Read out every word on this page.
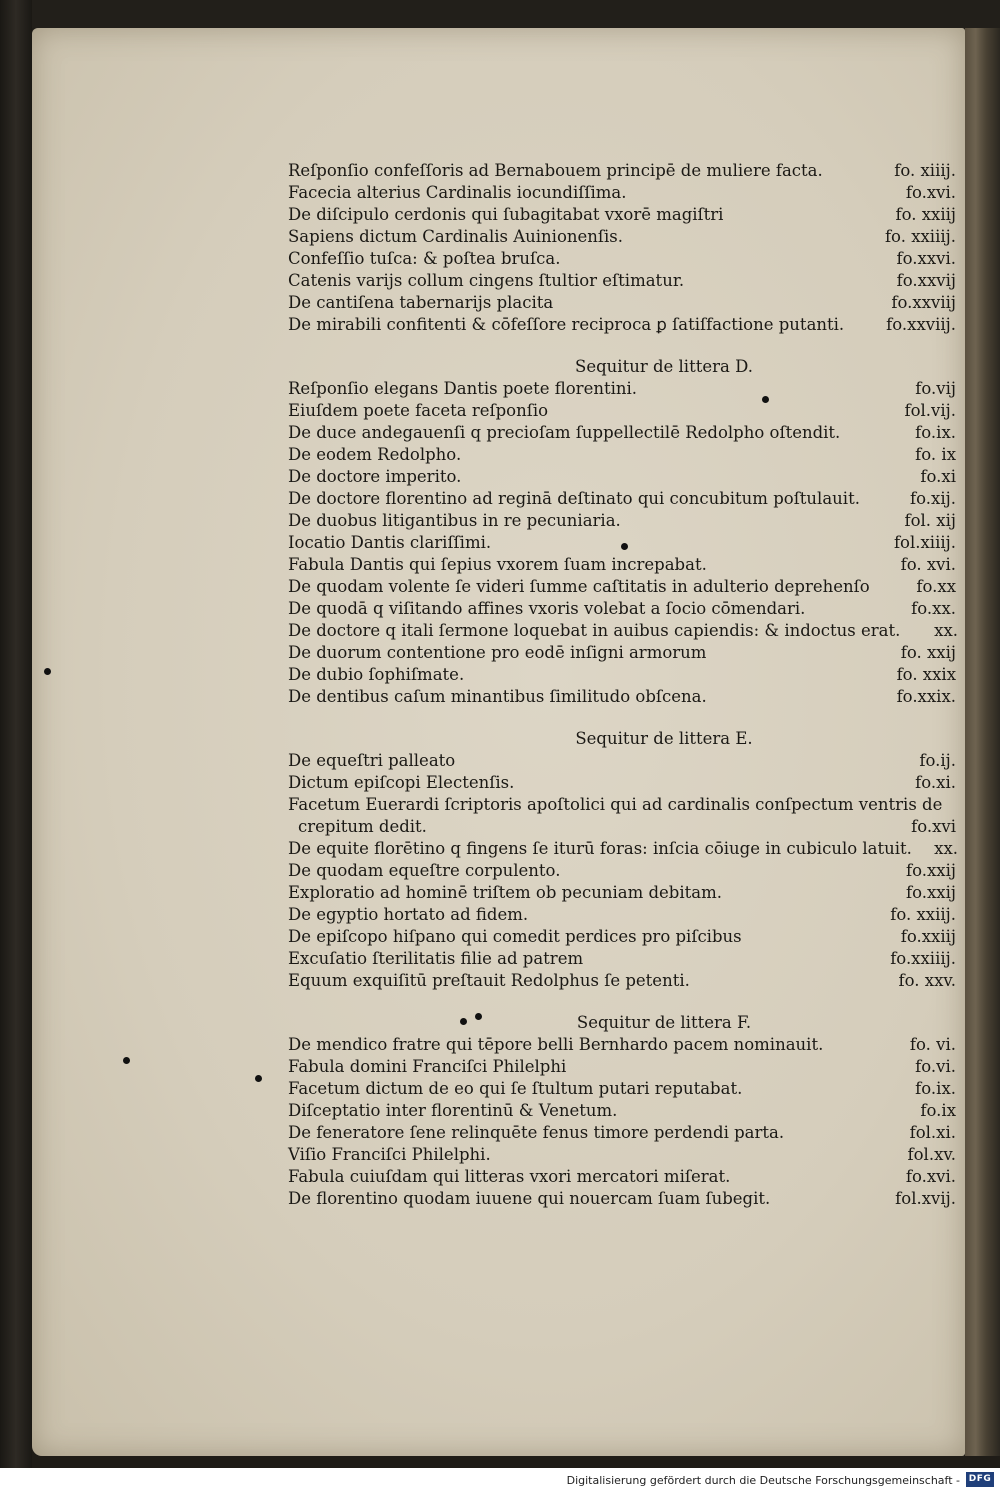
Reſponſio confeſſoris ad Bernabouem principē de muliere facta.	fo. xiiij.
Facecia alterius Cardinalis iocundiſſima.	fo.xvi.
De diſcipulo cerdonis qui ſubagitabat vxorē magiſtri	fo. xxiij
Sapiens dictum Cardinalis Auinionenſis.	fo. xxiiij.
Confeſſio tuſca: & poſtea bruſca.	fo.xxvi.
Catenis varijs collum cingens ſtultior eſtimatur.	fo.xxvij
De cantiſena tabernarijs placita	fo.xxviij
De mirabili confitenti & cōfeſſore reciproca ꝑ ſatiſfactione putanti.	fo.xxviij.
Sequitur de littera D.
Reſponſio elegans Dantis poete florentini.	fo.vij
Eiuſdem poete faceta reſponſio	fol.vij.
De duce andegauenſi q precioſam ſuppellectilē Redolpho oſtendit.	fo.ix.
De eodem Redolpho.	fo. ix
De doctore imperito.	fo.xi
De doctore florentino ad reginā deſtinato qui concubitum poſtulauit.	fo.xij.
De duobus litigantibus in re pecuniaria.	fol. xij
Iocatio Dantis clariſſimi.	fol.xiiij.
Fabula Dantis qui ſepius vxorem ſuam increpabat.	fo. xvi.
De quodam volente ſe videri ſumme caſtitatis in adulterio deprehenſo	fo.xx
De quodā q viſitando affines vxoris volebat a ſocio cōmendari.	fo.xx.
De doctore q itali ſermone loquebat in auibus capiendis: & indoctus erat.	xx.
De duorum contentione pro eodē inſigni armorum	fo. xxij
De dubio ſophiſmate.	fo. xxix
De dentibus caſum minantibus ſimilitudo obſcena.	fo.xxix.
Sequitur de littera E.
De equeſtri palleato	fo.ij.
Dictum epiſcopi Electenſis.	fo.xi.
Facetum Euerardi ſcriptoris apoſtolici qui ad cardinalis conſpectum ventris de
crepitum dedit.	fo.xvi
De equite florētino q fingens ſe iturū foras: inſcia cōiuge in cubiculo latuit.	xx.
De quodam equeſtre corpulento.	fo.xxij
Exploratio ad hominē triſtem ob pecuniam debitam.	fo.xxij
De egyptio hortato ad fidem.	fo. xxiij.
De epiſcopo hiſpano qui comedit perdices pro piſcibus	fo.xxiij
Excuſatio ſterilitatis filie ad patrem	fo.xxiiij.
Equum exquiſitū preſtauit Redolphus ſe petenti.	fo. xxv.
Sequitur de littera F.
De mendico fratre qui tēpore belli Bernhardo pacem nominauit.	fo. vi.
Fabula domini Franciſci Philelphi	fo.vi.
Facetum dictum de eo qui ſe ſtultum putari reputabat.	fo.ix.
Diſceptatio inter florentinū & Venetum.	fo.ix
De feneratore ſene relinquēte fenus timore perdendi parta.	fol.xi.
Viſio Franciſci Philelphi.	fol.xv.
Fabula cuiuſdam qui litteras vxori mercatori miſerat.	fo.xvi.
De florentino quodam iuuene qui nouercam ſuam ſubegit.	fol.xvij.
Digitalisierung gefördert durch die Deutsche Forschungsgemeinschaft - DFG
